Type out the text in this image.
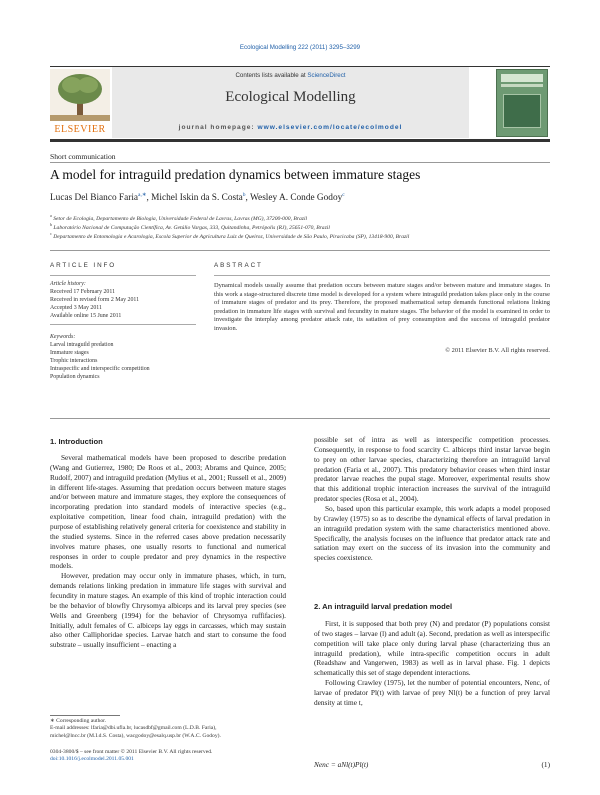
Ecological Modelling 222 (2011) 3295–3299
ELSEVIER
Contents lists available at ScienceDirect
Ecological Modelling
journal homepage: www.elsevier.com/locate/ecolmodel
Short communication
A model for intraguild predation dynamics between immature stages
Lucas Del Bianco Faria$^{a,∗}$, Michel Iskin da S. Costa$^b$, Wesley A. Conde Godoy$^c$
$^a$ Setor de Ecologia, Departamento de Biologia, Universidade Federal de Lavras, Lavras (MG), 37200-000, Brazil
$^b$ Laboratório Nacional de Computação Científica, Av. Getúlio Vargas, 333, Quitandinha, Petrópolis (RJ), 25651-070, Brazil
$^c$ Departamento de Entomologia e Acarologia, Escola Superior de Agricultura Luiz de Queiroz, Universidade de São Paulo, Piracicaba (SP), 13418-900, Brazil
ARTICLE INFO	ABSTRACT
Article history:
Received 17 February 2011
Received in revised form 2 May 2011
Accepted 3 May 2011
Available online 15 June 2011
Keywords:
Larval intraguild predation
Immature stages
Trophic interactions
Intraspecific and interspecific competition
Population dynamics
Dynamical models usually assume that predation occurs between mature stages and/or between mature and immature stages. In this work a stage-structured discrete time model is developed for a system where intraguild predation takes place only in the course of immature stages of predator and its prey. Therefore, the proposed mathematical setup demands functional relations linking predation in immature life stages with survival and fecundity in mature stages. The behavior of the model is examined in order to investigate the interplay among predator attack rate, its satiation of prey consumption and the success of intraguild predator invasion.
© 2011 Elsevier B.V. All rights reserved.
1. Introduction

Several mathematical models have been proposed to describe predation (Wang and Gutierrez, 1980; De Roos et al., 2003; Abrams and Quince, 2005; Rudolf, 2007) and intraguild predation (Mylius et al., 2001; Russell et al., 2009) in different life-stages. Assuming that predation occurs between mature stages and/or between mature and immature stages, they explore the consequences of incorporating predation into standard models of interactive species (e.g., exploitative competition, linear food chain, intraguild predation) with the purpose of establishing relatively general criteria for coexistence and stability in the studied systems. Since in the referred cases above predation necessarily involves mature phases, one usually resorts to functional and numerical responses in order to couple predator and prey dynamics in the respective models.

However, predation may occur only in immature phases, which, in turn, demands relations linking predation in immature life stages with survival and fecundity in mature stages. An example of this kind of trophic interaction could be the behavior of blowfly Chrysomya albiceps and its larval prey species (see Wells and Greenberg (1994) for the behavior of Chrysomya ruffifacies). Initially, adult females of C. albiceps lay eggs in carcasses, which may sustain also other Calliphoridae species. Larvae hatch and start to consume the food substrate – usually insufficient – enacting a

possible set of intra as well as interspecific competition processes. Consequently, in response to food scarcity C. albiceps third instar larvae begin to prey on other larvae species, characterizing therefore an intraguild larval predation (Faria et al., 2007). This predatory behavior ceases when third instar predator larvae reaches the pupal stage. Moreover, experimental results show that this additional trophic interaction increases the survival of the intraguild predator species (Rosa et al., 2004).

So, based upon this particular example, this work adapts a model proposed by Crawley (1975) so as to describe the dynamical effects of larval predation in an intraguild predation system with the same characteristics mentioned above. Specifically, the analysis focuses on the influence that predator attack rate and satiation may exert on the success of its invasion into the community and species coexistence.

2. An intraguild larval predation model

First, it is supposed that both prey (N) and predator (P) populations consist of two stages – larvae (l) and adult (a). Second, predation as well as interspecific competition will take place only during larval phase (characterizing thus an intraguild predation), while intra-specific competition occurs in adult (Readshaw and Vangerwen, 1983) as well as in larval phase. Fig. 1 depicts schematically this set of stage dependent interactions.

Following Crawley (1975), let the number of potential encounters, Nenc, of larvae of predator Pl(t) with larvae of prey Nl(t) be a function of prey larval density at time t,

Nenc = aNl(t)Pl(t)	(1)
∗ Corresponding author.
E-mail addresses: lfaria@dbi.ufla.br, lucasdbf@gmail.com (L.D.B. Faria),
michel@lncc.br (M.I.d.S. Costa), wacgodoy@esalq.usp.br (W.A.C. Godoy).
0304-3800/$ – see front matter © 2011 Elsevier B.V. All rights reserved.
doi:10.1016/j.ecolmodel.2011.05.001
